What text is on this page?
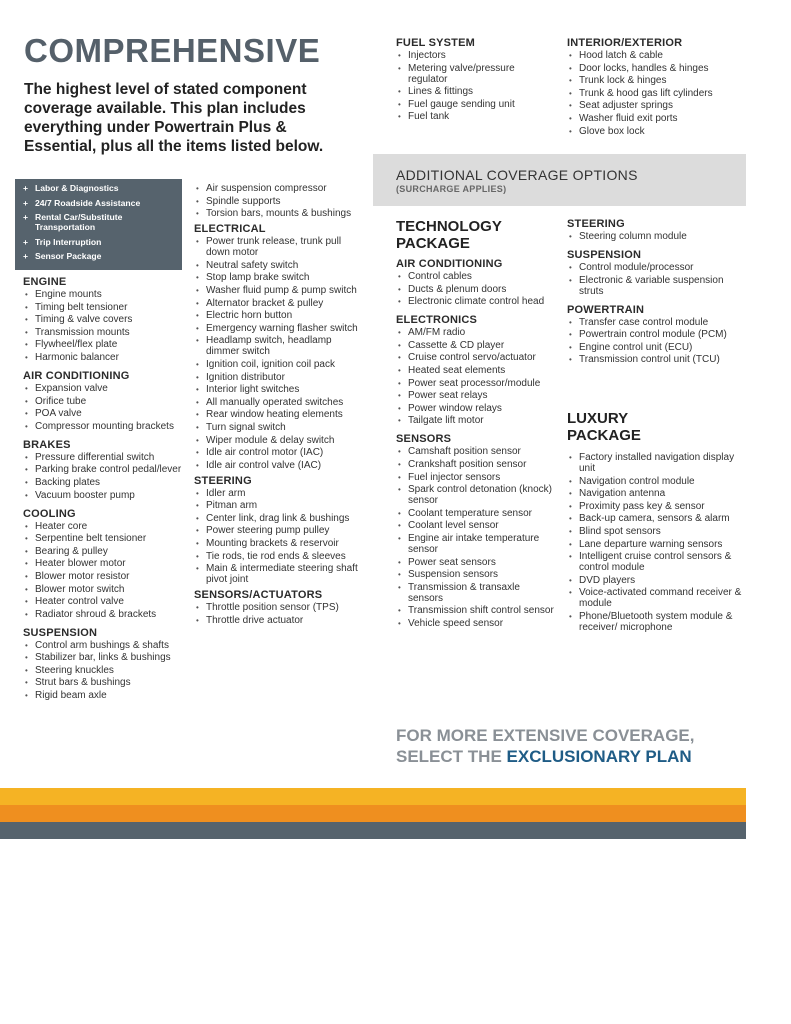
COMPREHENSIVE
The highest level of stated component coverage available. This plan includes everything under Powertrain Plus & Essential, plus all the items listed below.
+ Labor & Diagnostics
+ 24/7 Roadside Assistance
+ Rental Car/Substitute Transportation
+ Trip Interruption
+ Sensor Package
ENGINE
• Engine mounts
• Timing belt tensioner
• Timing & valve covers
• Transmission mounts
• Flywheel/flex plate
• Harmonic balancer
AIR CONDITIONING
• Expansion valve
• Orifice tube
• POA valve
• Compressor mounting brackets
BRAKES
• Pressure differential switch
• Parking brake control pedal/lever
• Backing plates
• Vacuum booster pump
COOLING
• Heater core
• Serpentine belt tensioner
• Bearing & pulley
• Heater blower motor
• Blower motor resistor
• Blower motor switch
• Heater control valve
• Radiator shroud & brackets
SUSPENSION
• Control arm bushings & shafts
• Stabilizer bar, links & bushings
• Steering knuckles
• Strut bars & bushings
• Rigid beam axle
• Air suspension compressor
• Spindle supports
• Torsion bars, mounts & bushings
ELECTRICAL
• Power trunk release, trunk pull down motor
• Neutral safety switch
• Stop lamp brake switch
• Washer fluid pump & pump switch
• Alternator bracket & pulley
• Electric horn button
• Emergency warning flasher switch
• Headlamp switch, headlamp dimmer switch
• Ignition coil, ignition coil pack
• Ignition distributor
• Interior light switches
• All manually operated switches
• Rear window heating elements
• Turn signal switch
• Wiper module & delay switch
• Idle air control motor (IAC)
• Idle air control valve (IAC)
STEERING
• Idler arm
• Pitman arm
• Center link, drag link & bushings
• Power steering pump pulley
• Mounting brackets & reservoir
• Tie rods, tie rod ends & sleeves
• Main & intermediate steering shaft pivot joint
SENSORS/ACTUATORS
• Throttle position sensor (TPS)
• Throttle drive actuator
FUEL SYSTEM
• Injectors
• Metering valve/pressure regulator
• Lines & fittings
• Fuel gauge sending unit
• Fuel tank
INTERIOR/EXTERIOR
• Hood latch & cable
• Door locks, handles & hinges
• Trunk lock & hinges
• Trunk & hood gas lift cylinders
• Seat adjuster springs
• Washer fluid exit ports
• Glove box lock
ADDITIONAL COVERAGE OPTIONS
(SURCHARGE APPLIES)
TECHNOLOGY PACKAGE
AIR CONDITIONING
• Control cables
• Ducts & plenum doors
• Electronic climate control head
ELECTRONICS
• AM/FM radio
• Cassette & CD player
• Cruise control servo/actuator
• Heated seat elements
• Power seat processor/module
• Power seat relays
• Power window relays
• Tailgate lift motor
SENSORS
• Camshaft position sensor
• Crankshaft position sensor
• Fuel injector sensors
• Spark control detonation (knock) sensor
• Coolant temperature sensor
• Coolant level sensor
• Engine air intake temperature sensor
• Power seat sensors
• Suspension sensors
• Transmission & transaxle sensors
• Transmission shift control sensor
• Vehicle speed sensor
STEERING
• Steering column module
SUSPENSION
• Control module/processor
• Electronic & variable suspension struts
POWERTRAIN
• Transfer case control module
• Powertrain control module (PCM)
• Engine control unit (ECU)
• Transmission control unit (TCU)
LUXURY PACKAGE
• Factory installed navigation display unit
• Navigation control module
• Navigation antenna
• Proximity pass key & sensor
• Back-up camera, sensors & alarm
• Blind spot sensors
• Lane departure warning sensors
• Intelligent cruise control sensors & control module
• DVD players
• Voice-activated command receiver & module
• Phone/Bluetooth system module & receiver/ microphone
FOR MORE EXTENSIVE COVERAGE,
SELECT THE EXCLUSIONARY PLAN
